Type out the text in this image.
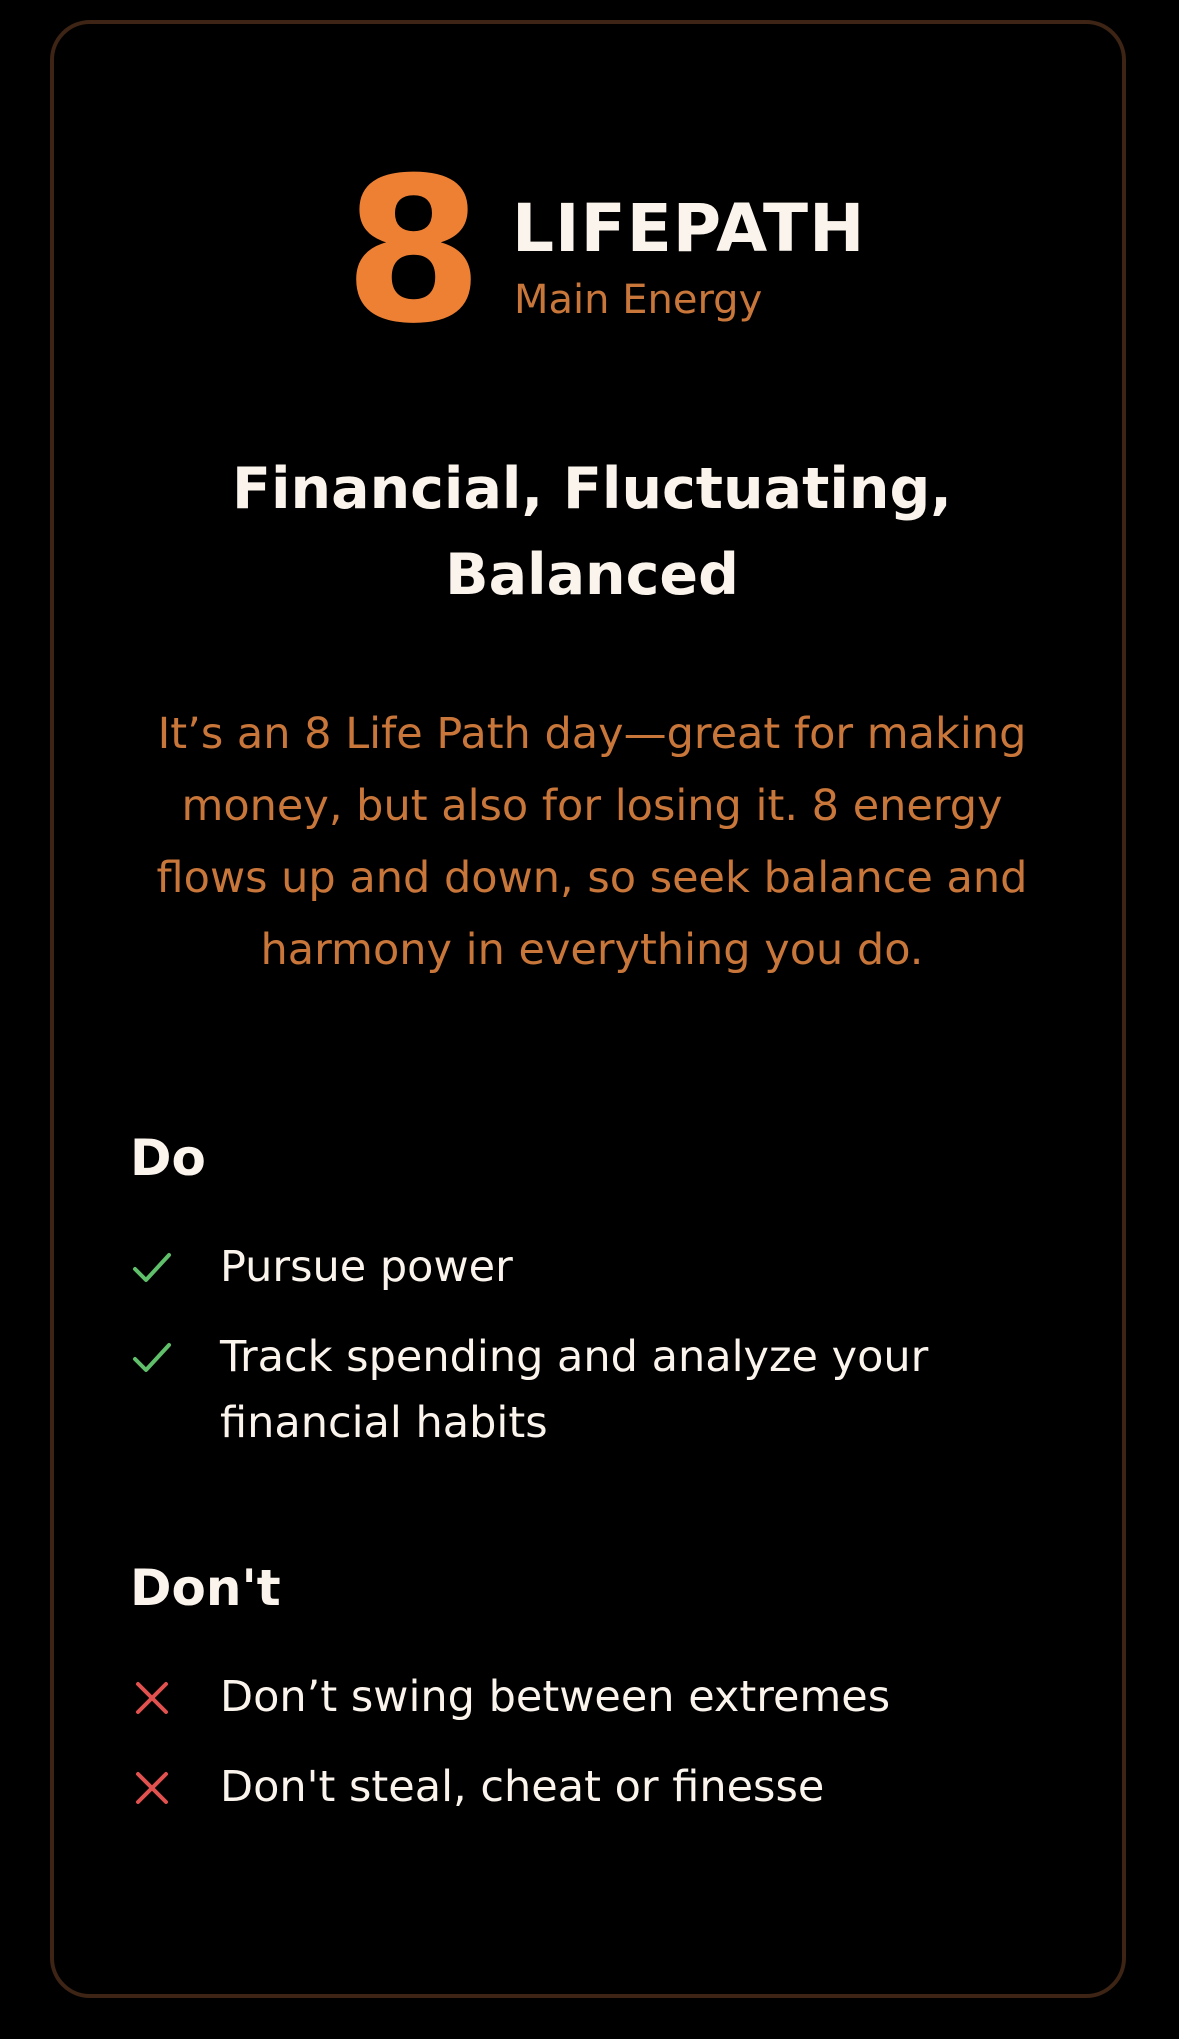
8 LIFEPATH
Main Energy
Financial, Fluctuating, Balanced
It’s an 8 Life Path day—great for making money, but also for losing it. 8 energy flows up and down, so seek balance and harmony in everything you do.
Do
Pursue power
Track spending and analyze your financial habits
Don't
Don’t swing between extremes
Don't steal, cheat or finesse
